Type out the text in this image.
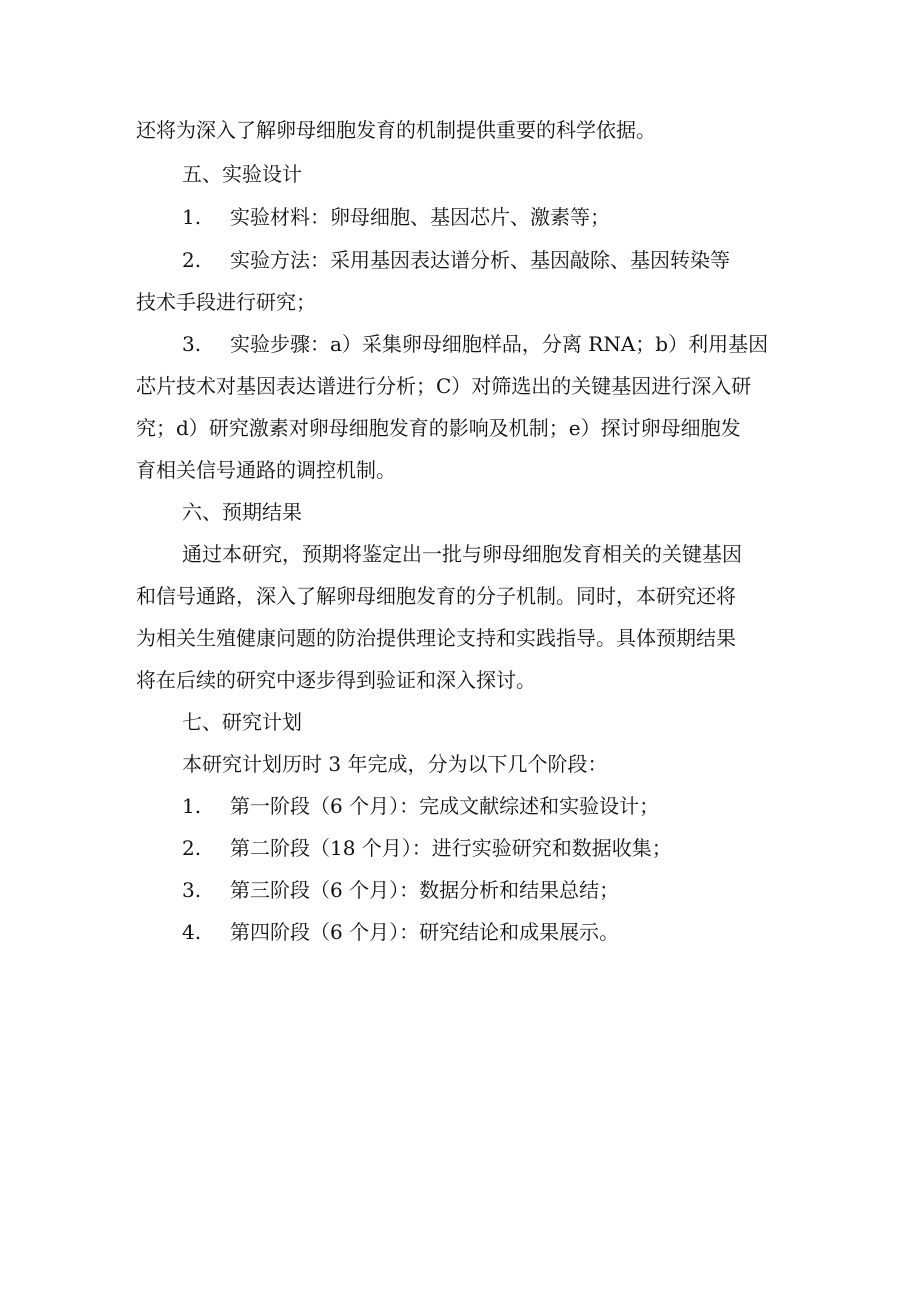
还将为深入了解卵母细胞发育的机制提供重要的科学依据。
五、实验设计
1. 实验材料：卵母细胞、基因芯片、激素等；
2. 实验方法：采用基因表达谱分析、基因敲除、基因转染等
技术手段进行研究；
3. 实验步骤：a）采集卵母细胞样品，分离 RNA；b）利用基因
芯片技术对基因表达谱进行分析；C）对筛选出的关键基因进行深入研
究；d）研究激素对卵母细胞发育的影响及机制；e）探讨卵母细胞发
育相关信号通路的调控机制。
六、预期结果
通过本研究，预期将鉴定出一批与卵母细胞发育相关的关键基因
和信号通路，深入了解卵母细胞发育的分子机制。同时，本研究还将
为相关生殖健康问题的防治提供理论支持和实践指导。具体预期结果
将在后续的研究中逐步得到验证和深入探讨。
七、研究计划
本研究计划历时 3 年完成，分为以下几个阶段：
1. 第一阶段（6 个月）：完成文献综述和实验设计；
2. 第二阶段（18 个月）：进行实验研究和数据收集；
3. 第三阶段（6 个月）：数据分析和结果总结；
4. 第四阶段（6 个月）：研究结论和成果展示。
